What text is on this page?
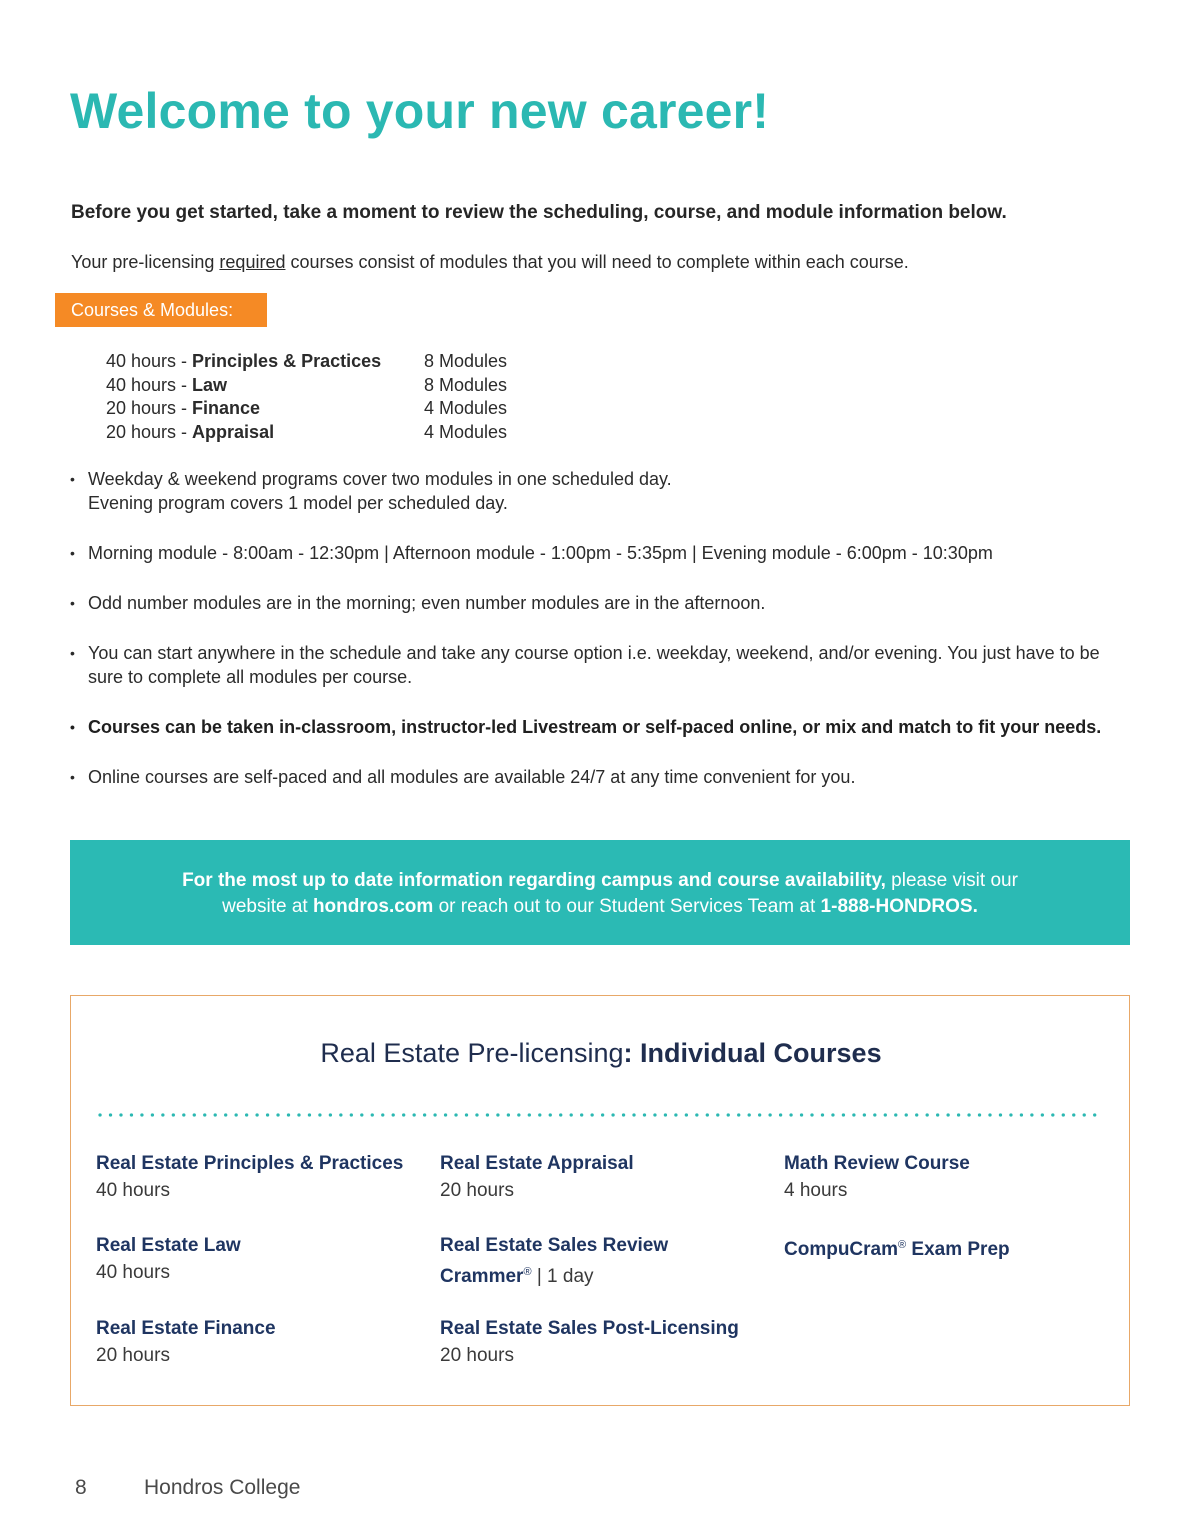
Welcome to your new career!
Before you get started, take a moment to review the scheduling, course, and module information below.
Your pre-licensing required courses consist of modules that you will need to complete within each course.
Courses & Modules:
40 hours - Principles & Practices 8 Modules
40 hours - Law	8 Modules
20 hours - Finance	4 Modules
20 hours - Appraisal	4 Modules
• Weekday & weekend programs cover two modules in one scheduled day.
Evening program covers 1 model per scheduled day.
• Morning module - 8:00am - 12:30pm | Afternoon module - 1:00pm - 5:35pm | Evening module - 6:00pm - 10:30pm
• Odd number modules are in the morning; even number modules are in the afternoon.
• You can start anywhere in the schedule and take any course option i.e. weekday, weekend, and/or evening. You just have to be sure to complete all modules per course.
• Courses can be taken in-classroom, instructor-led Livestream or self-paced online, or mix and match to fit your needs.
• Online courses are self-paced and all modules are available 24/7 at any time convenient for you.
For the most up to date information regarding campus and course availability, please visit our
website at hondros.com or reach out to our Student Services Team at 1-888-HONDROS.
Real Estate Pre-licensing: Individual Courses
Real Estate Principles & Practices
40 hours
Real Estate Law
40 hours
Real Estate Finance
20 hours
Real Estate Appraisal
20 hours
Real Estate Sales Review
Crammer® | 1 day
Real Estate Sales Post-Licensing
20 hours
Math Review Course
4 hours
CompuCram® Exam Prep
8	Hondros College
